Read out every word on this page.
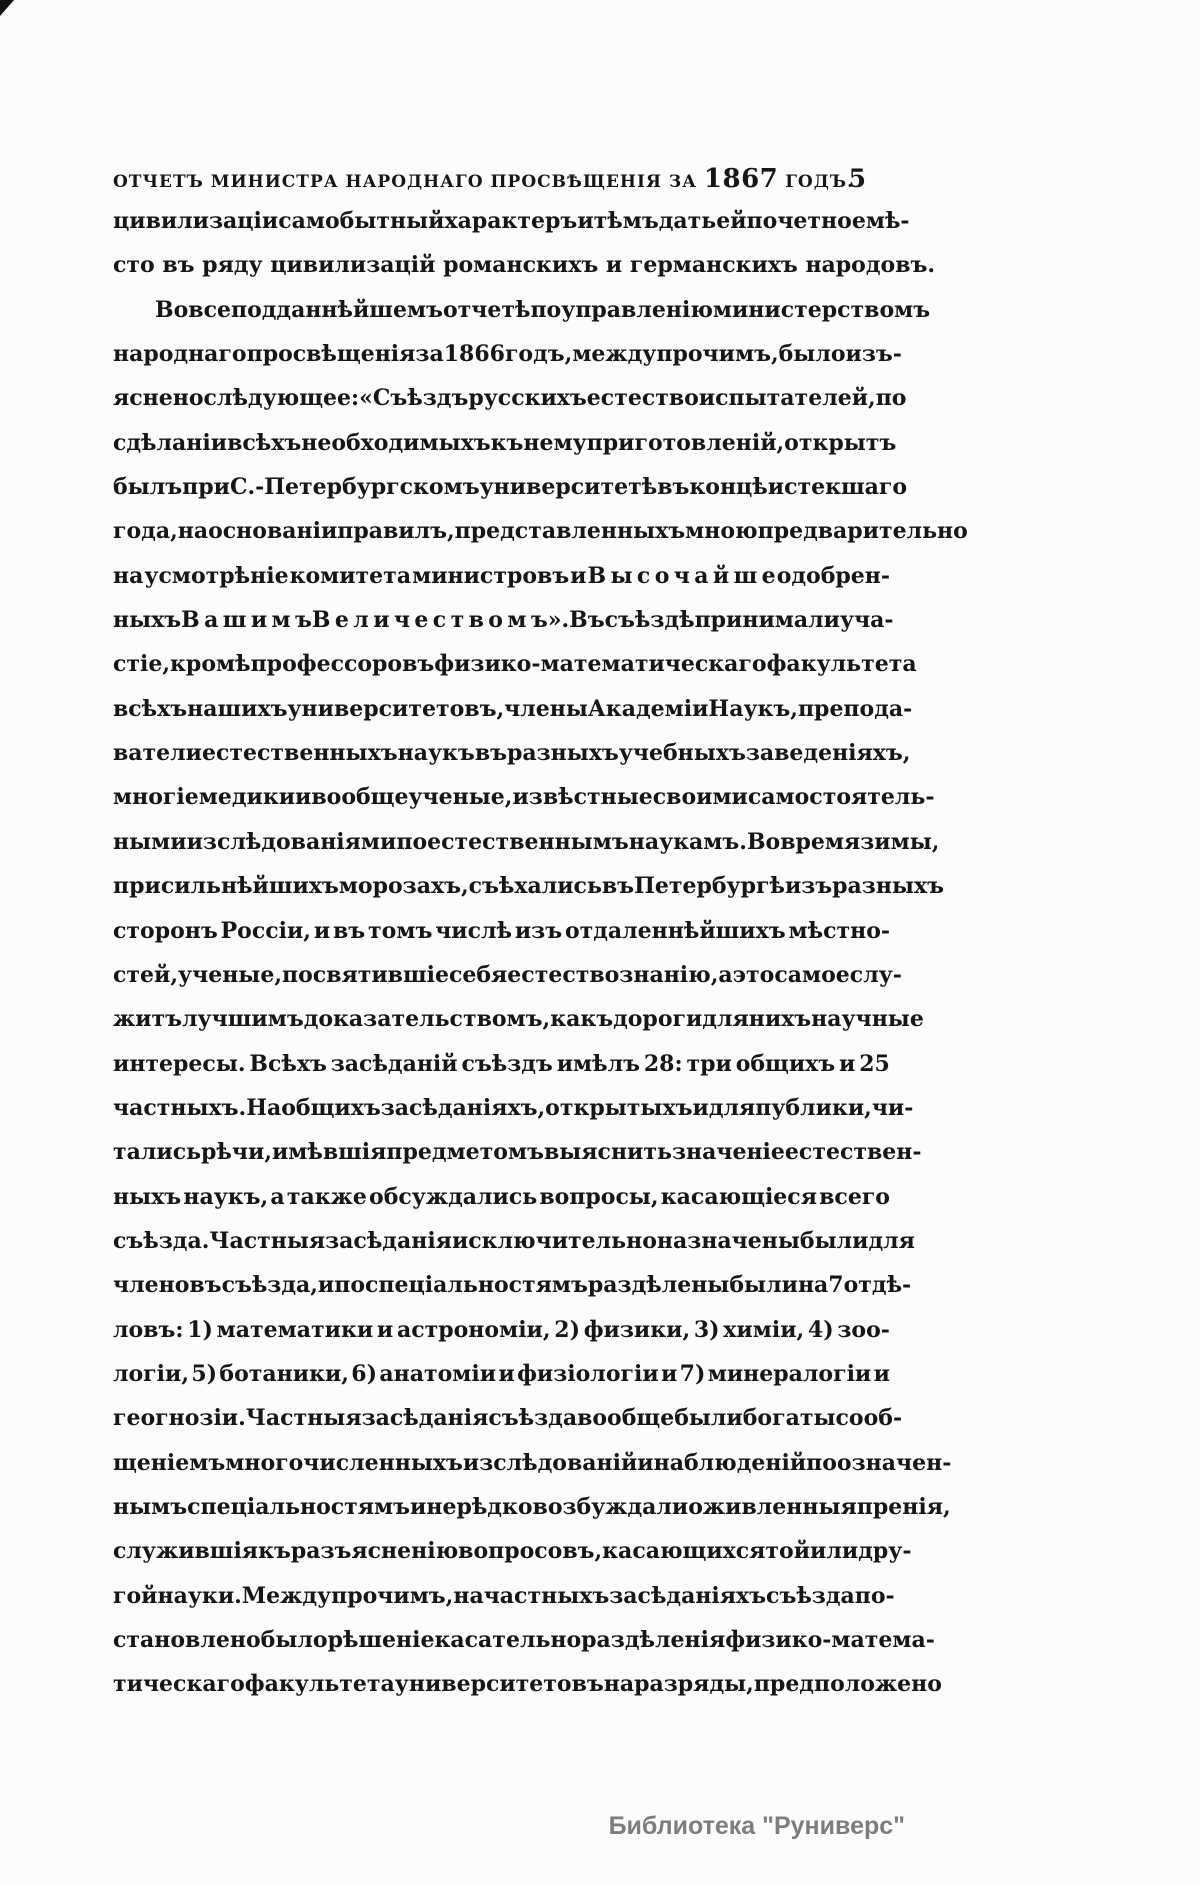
ОТЧЕТЪ МИНИСТРА НАРОДНАГО ПРОСВѢЩЕНІЯ ЗА 1867 ГОДЪ.
5
цивилизаціи самобытный характеръ и тѣмъ дать ей почетное мѣ-
сто въ ряду цивилизацій романскихъ и германскихъ народовъ.
Во всеподданнѣйшемъ отчетѣ по управленію министерствомъ
народнаго просвѣщенія за 1866 годъ, между прочимъ, было изъ-
яснено слѣдующее: «Съѣздъ русскихъ естествоиспытателей, по
сдѣланіи всѣхъ необходимыхъ къ нему приготовленій, открытъ
былъ при С.-Петербургскомъ университетѣ въ концѣ истекшаго
года, на основаніи правилъ, представленныхъ мною предварительно
на усмотрѣніе комитета министровъ и В ы с о ч а й ш е одобрен-
ныхъ В а ш и м ъ В е л и ч е с т в о м ъ». Въ съѣздѣ принимали уча-
стіе, кромѣ профессоровъ физико - математическаго факультета
всѣхъ нашихъ университетовъ, члены Академіи Наукъ, препода-
ватели естественныхъ наукъ въ разныхъ учебныхъ заведеніяхъ,
многіе медики и вообще ученые, извѣстные своими самостоятель-
ными изслѣдованіями по естественнымъ наукамъ. Во время зимы,
при сильнѣйшихъ морозахъ, съѣхались въ Петербургѣ изъ разныхъ
сторонъ Россіи, и въ томъ числѣ изъ отдаленнѣйшихъ мѣстно-
стей, ученые, посвятившіе себя естествознанію, а это самое слу-
житъ лучшимъ доказательствомъ, какъ дороги для нихъ научные
интересы. Всѣхъ засѣданій съѣздъ имѣлъ 28: три общихъ и 25
частныхъ. На общихъ засѣданіяхъ, открытыхъ и для публики, чи-
тались рѣчи, имѣвшія предметомъ выяснить значеніе естествен-
ныхъ наукъ, а также обсуждались вопросы, касающіеся всего
съѣзда. Частныя засѣданія исключительно назначены были для
членовъ съѣзда, и по спеціальностямъ раздѣлены были на 7 отдѣ-
ловъ: 1) математики и астрономіи, 2) физики, 3) химіи, 4) зоо-
логіи, 5) ботаники, 6) анатоміи и физіологіи и 7) минералогіи и
геогнозіи. Частныя засѣданія съѣзда вообще были богаты сооб-
щеніемъ многочисленныхъ изслѣдованій и наблюденій по означен-
нымъ спеціальностямъ и нерѣдко возбуждали оживленныя пренія,
служившія къ разъясненію вопросовъ, касающихся той или дру-
гой науки. Между прочимъ, на частныхъ засѣданіяхъ съѣзда по-
становлено было рѣшеніе касательно раздѣленія физико-матема-
тическаго факультета университетовъ на разряды, предположено
Библиотека "Руниверс"
